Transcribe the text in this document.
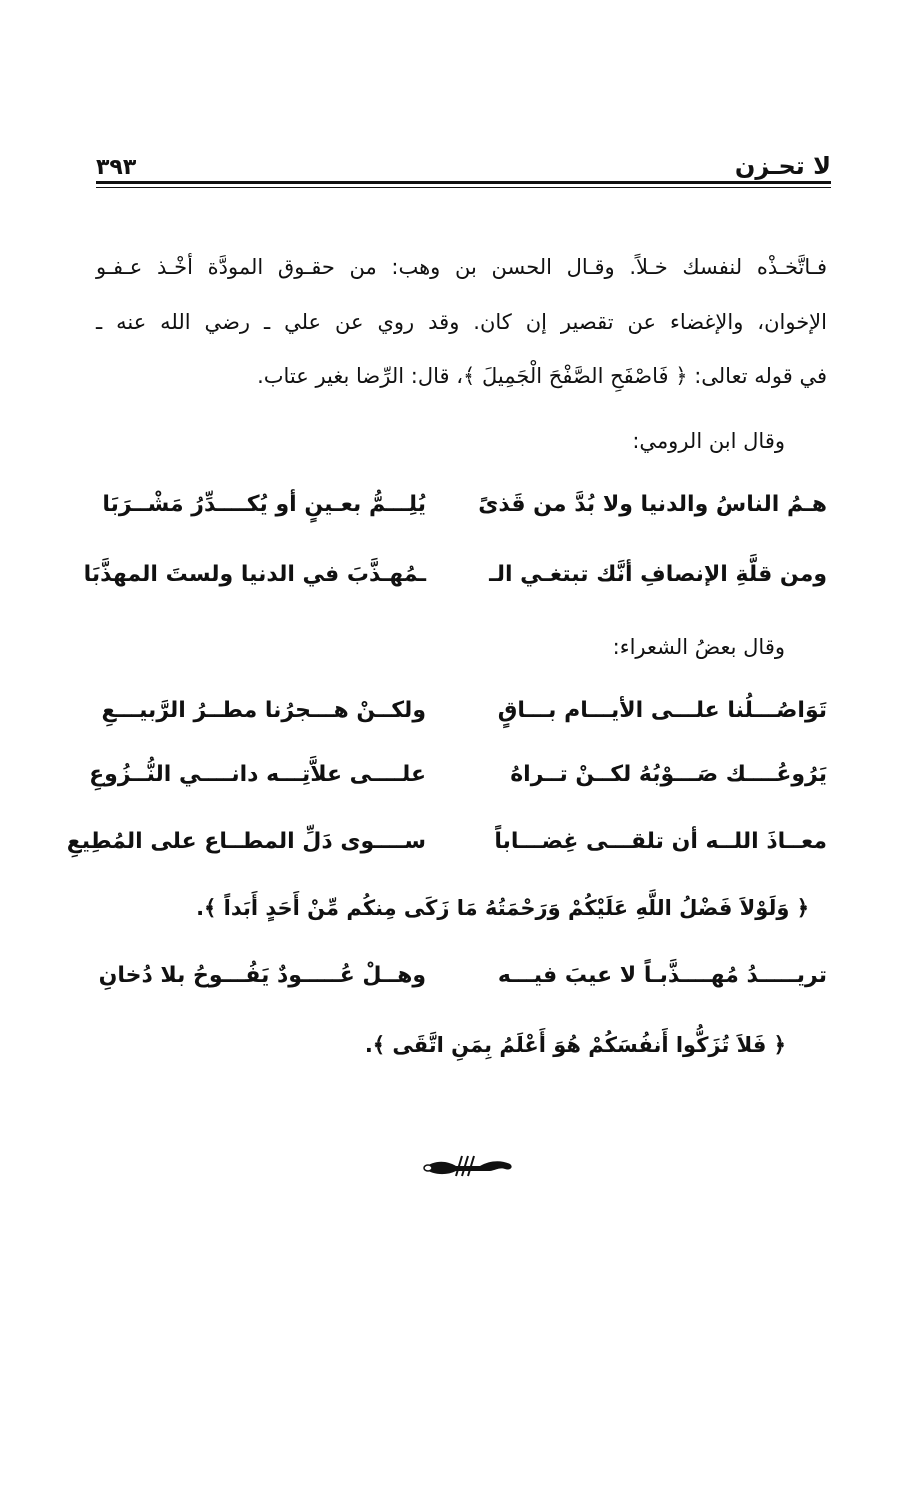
لا تحـزن
٣٩٣
فـاتَّخـذْه لنفسك خـلاً. وقـال الحسن بن وهب: من حقـوق المودَّة أخْـذ عـفـو
الإخوان، والإغضاء عن تقصير إن كان. وقد روي عن علي ـ رضي الله عنه ـ
في قوله تعالى: ﴿ فَاصْفَحِ الصَّفْحَ الْجَمِيلَ ﴾، قال: الرِّضا بغير عتاب.
وقال ابن الرومي:
هـمُ الناسُ والدنيا ولا بُدَّ من قَذىً
يُلِـــمُّ بعـينٍ أو يُكــــدِّرُ مَشْــرَبَا
ومن قلَّةِ الإنصافِ أنَّك تبتغـي الـ
ـمُهـذَّبَ في الدنيا ولستَ المهذَّبَا
وقال بعضُ الشعراء:
تَوَاصُـــلُنا علـــى الأيـــام بـــاقٍ
ولكــنْ هـــجرُنا مطــرُ الرَّبيـــعِ
يَرُوعُــــك صَـــوْبُهُ لكــنْ تــراهُ
علــــى علاَّتِـــه دانــــي النُّــزُوعِ
معــاذَ اللــه أن تلقـــى غِضـــاباً
ســــوى دَلِّ المطــاع على المُطِيعِ
﴿ وَلَوْلاَ فَضْلُ اللَّهِ عَلَيْكُمْ وَرَحْمَتُهُ مَا زَكَى مِنكُم مِّنْ أَحَدٍ أَبَداً ﴾.
تريـــــدُ مُهــــذَّبـاً لا عيبَ فيـــه
وهــلْ عُـــــودٌ يَفُـــوحُ بلا دُخانِ
﴿ فَلاَ تُزَكُّوا أَنفُسَكُمْ هُوَ أَعْلَمُ بِمَنِ اتَّقَى ﴾.
